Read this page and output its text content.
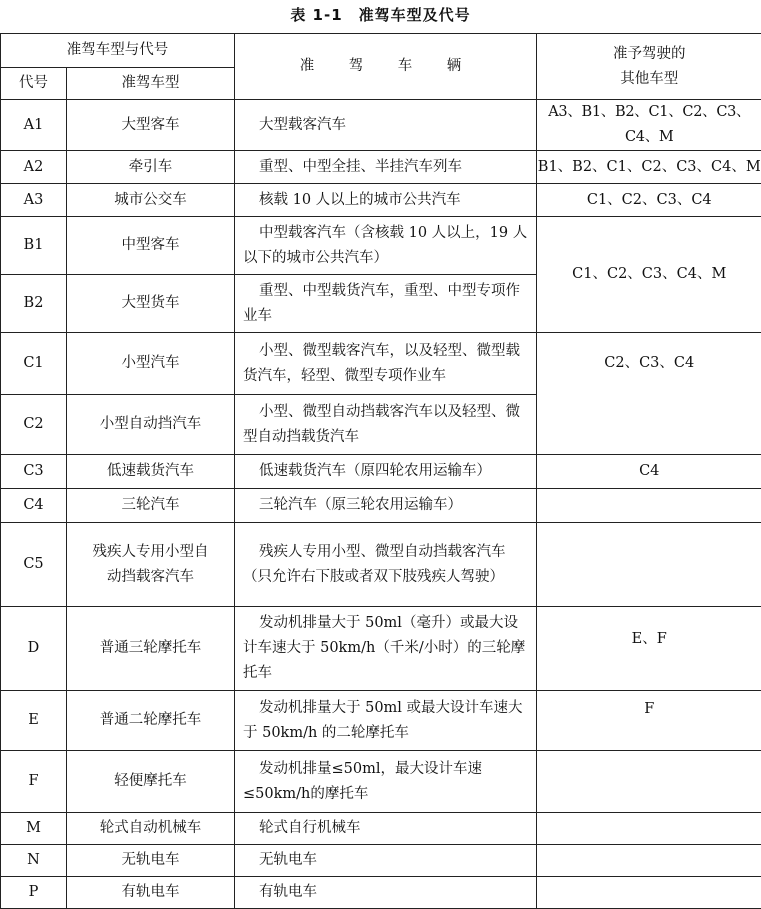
表 1-1　准驾车型及代号
准驾车型与代号		准　驾　车　辆	准予驾驶的
其他车型
代号	准驾车型		
A1	大型客车	大型载客汽车	A3、B1、B2、C1、C2、C3、C4、M
A2	牵引车	重型、中型全挂、半挂汽车列车	B1、B2、C1、C2、C3、C4、M
A3	城市公交车	核载 10 人以上的城市公共汽车	C1、C2、C3、C4
B1	中型客车	中型载客汽车（含核载 10 人以上，19 人以下的城市公共汽车）	C1、C2、C3、C4、M
B2	大型货车	重型、中型载货汽车，重型、中型专项作业车	
C1	小型汽车	小型、微型载客汽车，以及轻型、微型载货汽车，轻型、微型专项作业车	C2、C3、C4
C2	小型自动挡汽车	小型、微型自动挡载客汽车以及轻型、微型自动挡载货汽车	
C3	低速载货汽车	低速载货汽车（原四轮农用运输车）	C4
C4	三轮汽车	三轮汽车（原三轮农用运输车）	
C5	残疾人专用小型自动挡载客汽车	残疾人专用小型、微型自动挡载客汽车（只允许右下肢或者双下肢残疾人驾驶）	
D	普通三轮摩托车	发动机排量大于 50ml（毫升）或最大设计车速大于 50km/h（千米/小时）的三轮摩托车	E、F
E	普通二轮摩托车	发动机排量大于 50ml 或最大设计车速大于 50km/h 的二轮摩托车	F
F	轻便摩托车	发动机排量≤50ml，最大设计车速≤50km/h的摩托车	
M	轮式自动机械车	轮式自行机械车	
N	无轨电车	无轨电车	
P	有轨电车	有轨电车	
